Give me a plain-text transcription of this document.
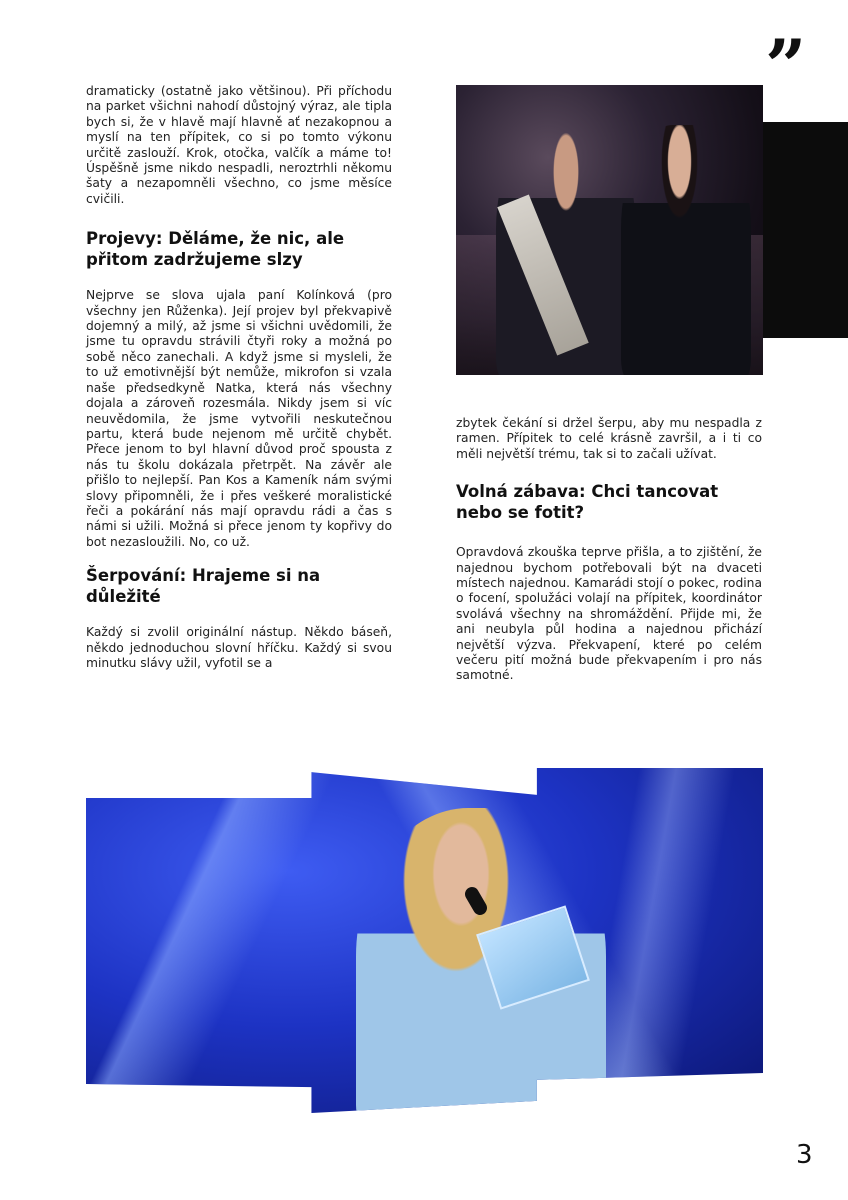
”

dramaticky (ostatně jako většinou). Při příchodu na parket všichni nahodí důstojný výraz, ale tipla bych si, že v hlavě mají hlavně ať nezakopnou a myslí na ten přípitek, co si po tomto výkonu určitě zaslouží. Krok, otočka, valčík a máme to! Úspěšně jsme nikdo nespadli, neroztrhli někomu šaty a nezapomněli všechno, co jsme měsíce cvičili.

Projevy: Děláme, že nic, ale přitom zadržujeme slzy

Nejprve se slova ujala paní Kolínková (pro všechny jen Růženka). Její projev byl překvapivě dojemný a milý, až jsme si všichni uvědomili, že jsme tu opravdu strávili čtyři roky a možná po sobě něco zanechali. A když jsme si mysleli, že to už emotivnější být nemůže, mikrofon si vzala naše předsedkyně Natka, která nás všechny dojala a zároveň rozesmála. Nikdy jsem si víc neuvědomila, že jsme vytvořili neskutečnou partu, která bude nejenom mě určitě chybět. Přece jenom to byl hlavní důvod proč spousta z nás tu školu dokázala přetrpět. Na závěr ale přišlo to nejlepší. Pan Kos a Kameník nám svými slovy připomněli, že i přes veškeré moralistické řeči a pokárání nás mají opravdu rádi a čas s námi si užili. Možná si přece jenom ty kopřivy do bot nezasloužili. No, co už.

Šerpování: Hrajeme si na důležité

Každý si zvolil originální nástup. Někdo báseň, někdo jednoduchou slovní hříčku. Každý si svou minutku slávy užil, vyfotil se a

zbytek čekání si držel šerpu, aby mu nespadla z ramen. Přípitek to celé krásně završil, a i ti co měli největší trému, tak si to začali užívat.

Volná zábava: Chci tancovat nebo se fotit?

Opravdová zkouška teprve přišla, a to zjištění, že najednou bychom potřebovali být na dvaceti místech najednou. Kamarádi stojí o pokec, rodina o focení, spolužáci volají na přípitek, koordinátor svolává všechny na shromáždění. Přijde mi, že ani neubyla půl hodina a najednou přichází největší výzva. Překvapení, které po celém večeru pití možná bude překvapením i pro nás samotné.

3
